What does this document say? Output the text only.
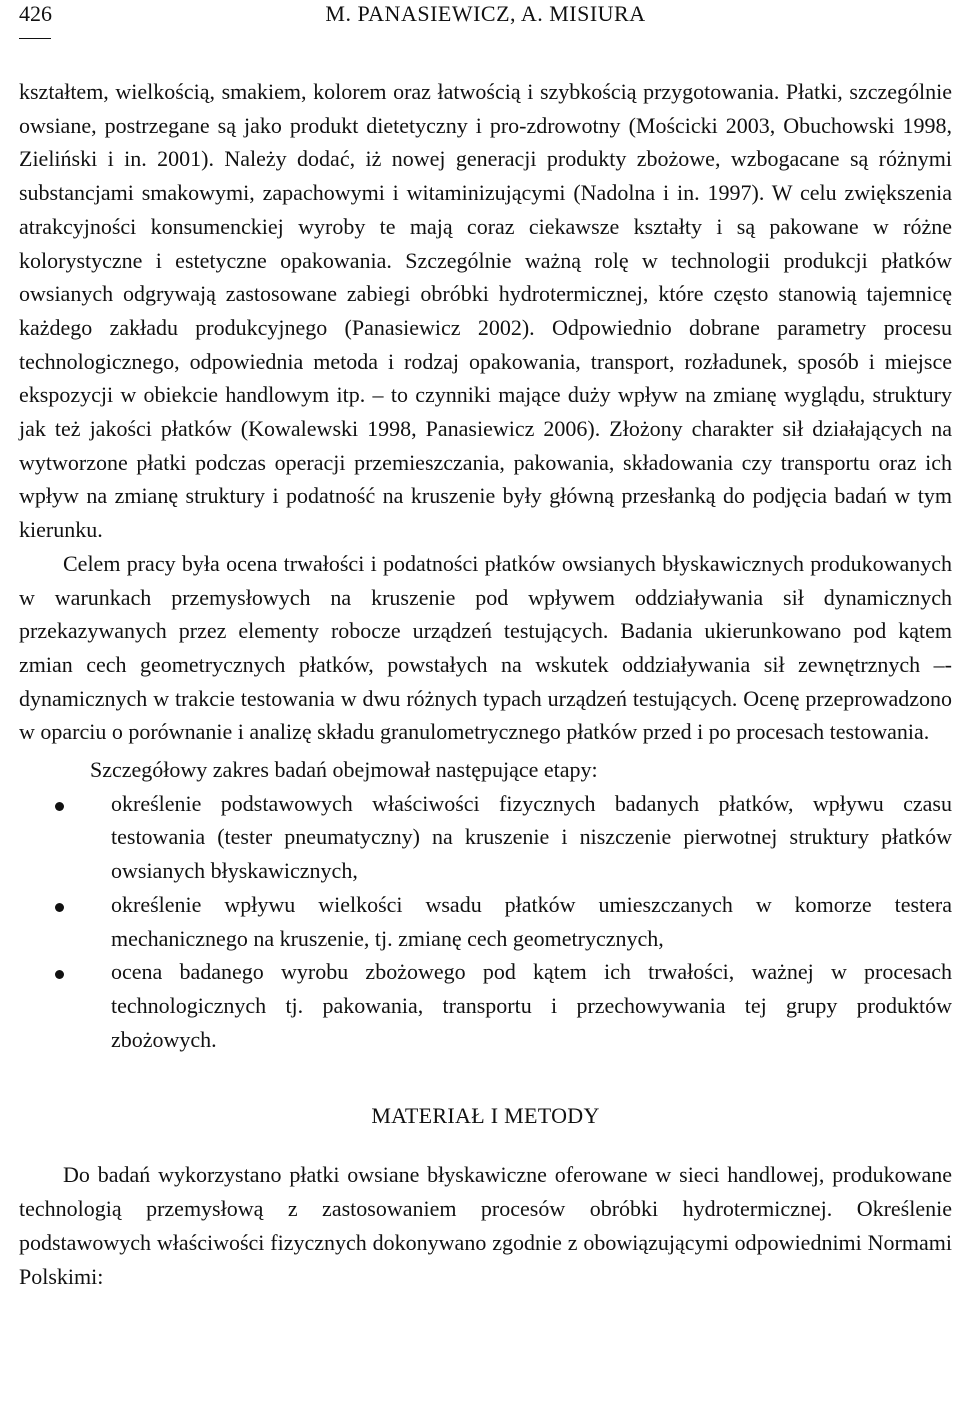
426	M. PANASIEWICZ, A. MISIURA

kształtem, wielkością, smakiem, kolorem oraz łatwością i szybkością przygotowania. Płatki, szczególnie owsiane, postrzegane są jako produkt dietetyczny i pro-zdrowotny (Mościcki 2003, Obuchowski 1998, Zieliński i in. 2001). Należy dodać, iż nowej generacji produkty zbożowe, wzbogacane są różnymi substancjami smakowymi, zapachowymi i witaminizującymi (Nadolna i in. 1997). W celu zwiększenia atrakcyjności konsumenckiej wyroby te mają coraz ciekawsze kształty i są pakowane w różne kolorystyczne i estetyczne opakowania. Szczególnie ważną rolę w technologii produkcji płatków owsianych odgrywają zastosowane zabiegi obróbki hydrotermicznej, które często stanowią tajemnicę każdego zakładu produkcyjnego (Panasiewicz 2002). Odpowiednio dobrane parametry procesu technologicznego, odpowiednia metoda i rodzaj opakowania, transport, rozładunek, sposób i miejsce ekspozycji w obiekcie handlowym itp. – to czynniki mające duży wpływ na zmianę wyglądu, struktury jak też jakości płatków (Kowalewski 1998, Panasiewicz 2006). Złożony charakter sił działających na wytworzone płatki podczas operacji przemieszczania, pakowania, składowania czy transportu oraz ich wpływ na zmianę struktury i podatność na kruszenie były główną przesłanką do podjęcia badań w tym kierunku.

Celem pracy była ocena trwałości i podatności płatków owsianych błyskawicznych produkowanych w warunkach przemysłowych na kruszenie pod wpływem oddziaływania sił dynamicznych przekazywanych przez elementy robocze urządzeń testujących. Badania ukierunkowano pod kątem zmian cech geometrycznych płatków, powstałych na wskutek oddziaływania sił zewnętrznych –- dynamicznych w trakcie testowania w dwu różnych typach urządzeń testujących. Ocenę przeprowadzono w oparciu o porównanie i analizę składu granulometrycznego płatków przed i po procesach testowania.

Szczegółowy zakres badań obejmował następujące etapy:

określenie podstawowych właściwości fizycznych badanych płatków, wpływu czasu testowania (tester pneumatyczny) na kruszenie i niszczenie pierwotnej struktury płatków owsianych błyskawicznych,
określenie wpływu wielkości wsadu płatków umieszczanych w komorze testera mechanicznego na kruszenie, tj. zmianę cech geometrycznych,
ocena badanego wyrobu zbożowego pod kątem ich trwałości, ważnej w procesach technologicznych tj. pakowania, transportu i przechowywania tej grupy produktów zbożowych.
MATERIAŁ I METODY

Do badań wykorzystano płatki owsiane błyskawiczne oferowane w sieci handlowej, produkowane technologią przemysłową z zastosowaniem procesów obróbki hydrotermicznej. Określenie podstawowych właściwości fizycznych dokonywano zgodnie z obowiązującymi odpowiednimi Normami Polskimi:
